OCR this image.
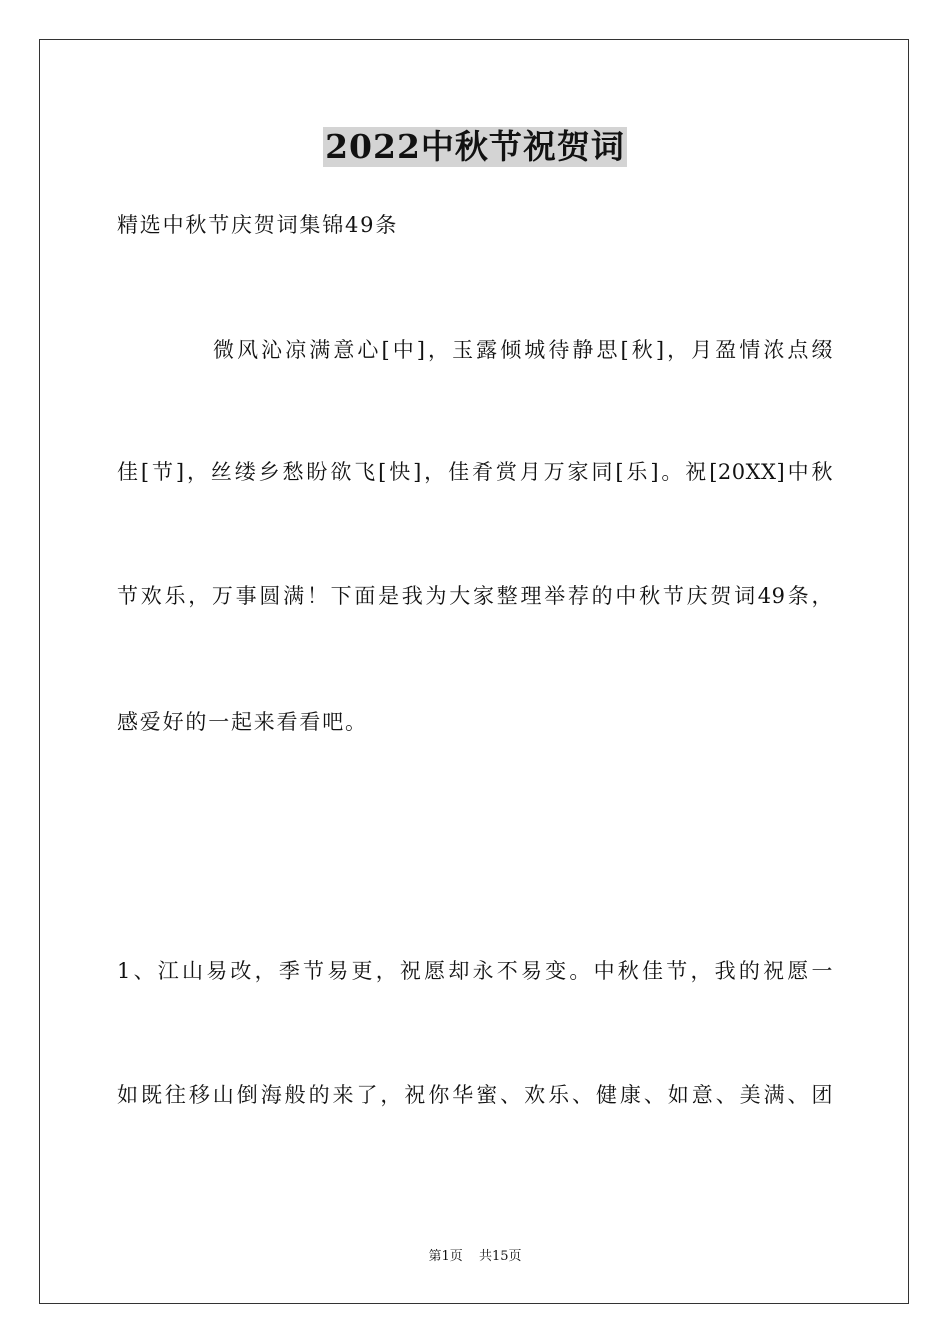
2022中秋节祝贺词
精选中秋节庆贺词集锦49条
微风沁凉满意心[中]，玉露倾城待静思[秋]，月盈情浓点缀
佳[节]，丝缕乡愁盼欲飞[快]，佳肴赏月万家同[乐]。祝[20XX]中秋
节欢乐，万事圆满！下面是我为大家整理举荐的中秋节庆贺词49条，
感爱好的一起来看看吧。
1、江山易改，季节易更，祝愿却永不易变。中秋佳节，我的祝愿一
如既往移山倒海般的来了，祝你华蜜、欢乐、健康、如意、美满、团
第1页 共15页
